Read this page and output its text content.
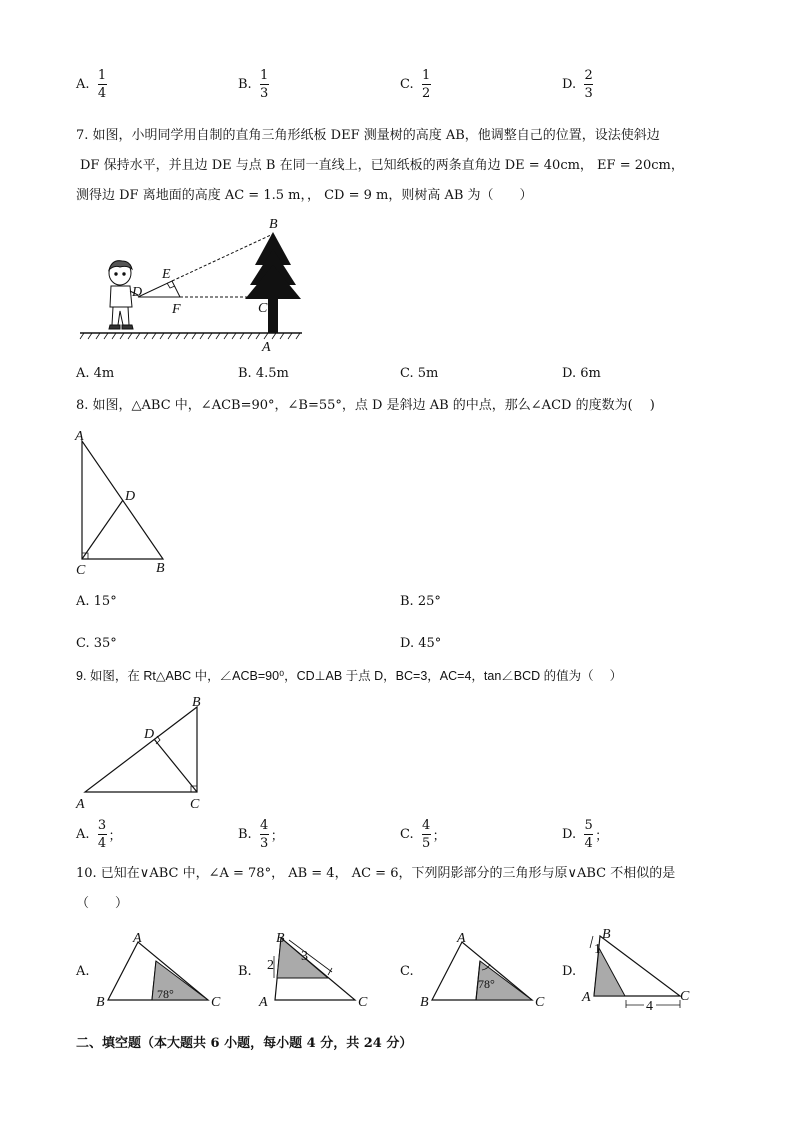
A. $\frac{1}{4}$	B. $\frac{1}{3}$	C. $\frac{1}{2}$	D. $\frac{2}{3}$
7. 如图，小明同学用自制的直角三角形纸板 DEF 测量树的高度 AB，他调整自己的位置，设法使斜边
DF 保持水平，并且边 DE 与点 B 在同一直线上，已知纸板的两条直角边 DE = 40cm， EF = 20cm，
测得边 DF 离地面的高度 AC = 1.5 m，， CD = 9 m，则树高 AB 为（　　）
B
E
D
F	C
A
A. 4m	B. 4.5m	C. 5m	D. 6m
8. 如图，△ABC 中，∠ACB=90°，∠B=55°，点 D 是斜边 AB 的中点，那么∠ACD 的度数为(　 )
A
D
C	B
A. 15°	B. 25°
C. 35°	D. 45°
9. 如图，在 Rt△ABC 中，∠ACB=90⁰，CD⊥AB 于点 D，BC=3，AC=4，tan∠BCD 的值为（　 ）
B
D
A	C
A. $\frac{3}{4}$ ；	B. $\frac{4}{3}$ ；	C. $\frac{4}{5}$ ；	D. $\frac{5}{4}$ ；
10. 已知在∨ABC 中，∠A = 78°， AB = 4， AC = 6，下列阴影部分的三角形与原∨ABC 不相似的是
（　　）
A.	B.	C.	D.
78°
A
B	C
B
2
3
A	C
78°
A
B	C
B
1
A	C
4
二、填空题（本大题共 6 小题，每小题 4 分，共 24 分）
